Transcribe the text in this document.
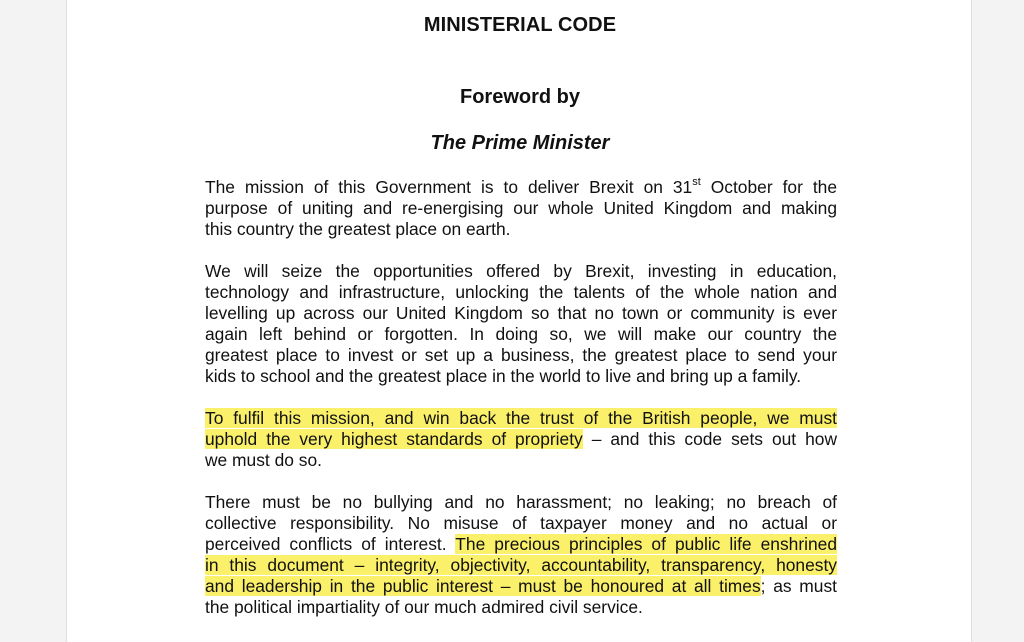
MINISTERIAL CODE
Foreword by
The Prime Minister
The mission of this Government is to deliver Brexit on 31st October for the
purpose of uniting and re-energising our whole United Kingdom and making
this country the greatest place on earth.
We will seize the opportunities offered by Brexit, investing in education,
technology and infrastructure, unlocking the talents of the whole nation and
levelling up across our United Kingdom so that no town or community is ever
again left behind or forgotten. In doing so, we will make our country the
greatest place to invest or set up a business, the greatest place to send your
kids to school and the greatest place in the world to live and bring up a family.
To fulfil this mission, and win back the trust of the British people, we must
uphold the very highest standards of propriety – and this code sets out how
we must do so.
There must be no bullying and no harassment; no leaking; no breach of
collective responsibility. No misuse of taxpayer money and no actual or
perceived conflicts of interest. The precious principles of public life enshrined
in this document – integrity, objectivity, accountability, transparency, honesty
and leadership in the public interest – must be honoured at all times; as must
the political impartiality of our much admired civil service.
